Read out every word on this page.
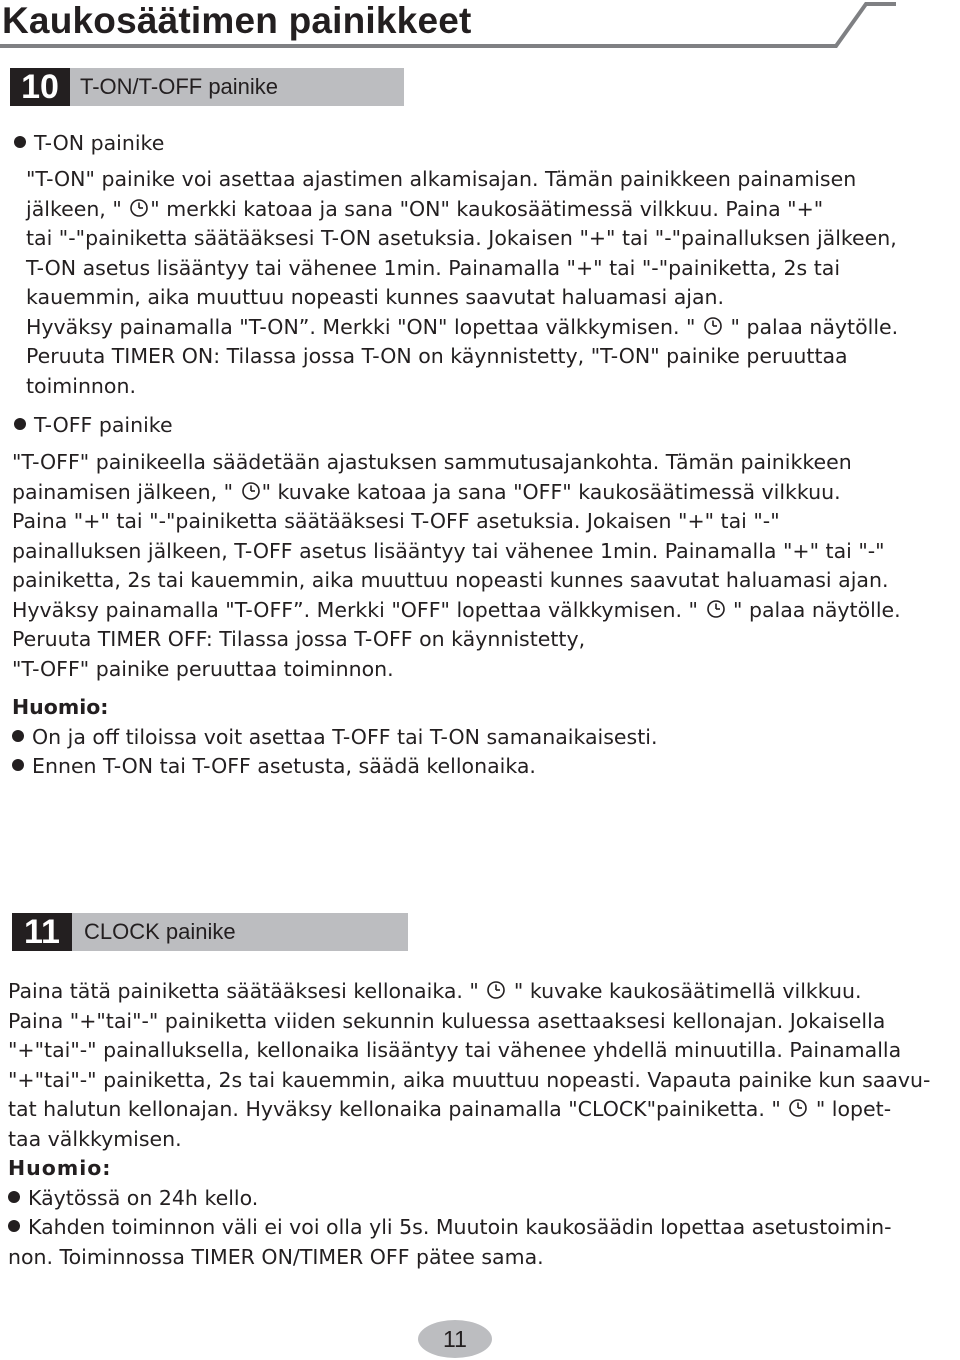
Kaukosäätimen painikkeet
10 T-ON/T-OFF painike
T-ON painike

"T-ON" painike voi asettaa ajastimen alkamisajan. Tämän painikkeen painamisen

jälkeen, " " merkki katoaa ja sana "ON" kaukosäätimessä vilkkuu. Paina "+"

tai "-"painiketta säätääksesi T-ON asetuksia. Jokaisen "+" tai "-"painalluksen jälkeen,

T-ON asetus lisääntyy tai vähenee 1min. Painamalla "+" tai "-"painiketta, 2s tai

kauemmin, aika muuttuu nopeasti kunnes saavutat haluamasi ajan.

Hyväksy painamalla "T-ON”. Merkki "ON" lopettaa välkkymisen. "  " palaa näytölle.

Peruuta TIMER ON: Tilassa jossa T-ON on käynnistetty, "T-ON" painike peruuttaa

toiminnon.

T-OFF painike

"T-OFF" painikeella säädetään ajastuksen sammutusajankohta. Tämän painikkeen

painamisen jälkeen, " " kuvake katoaa ja sana "OFF" kaukosäätimessä vilkkuu.

Paina "+" tai "-"painiketta säätääksesi T-OFF asetuksia. Jokaisen "+" tai "-"

painalluksen jälkeen, T-OFF asetus lisääntyy tai vähenee 1min. Painamalla "+" tai "-"

painiketta, 2s tai kauemmin, aika muuttuu nopeasti kunnes saavutat haluamasi ajan.

Hyväksy painamalla "T-OFF”. Merkki "OFF" lopettaa välkkymisen. "  " palaa näytölle.

Peruuta TIMER OFF: Tilassa jossa T-OFF on käynnistetty,

"T-OFF" painike peruuttaa toiminnon.

Huomio:

On ja off tiloissa voit asettaa T-OFF tai T-ON samanaikaisesti.

Ennen T-ON tai T-OFF asetusta, säädä kellonaika.

11	CLOCK painike

Paina tätä painiketta säätääksesi kellonaika. "  " kuvake kaukosäätimellä vilkkuu.

Paina "+"tai"-" painiketta viiden sekunnin kuluessa asettaaksesi kellonajan. Jokaisella

"+"tai"-" painalluksella, kellonaika lisääntyy tai vähenee yhdellä minuutilla. Painamalla

"+"tai"-" painiketta, 2s tai kauemmin, aika muuttuu nopeasti. Vapauta painike kun saavu-

tat halutun kellonajan. Hyväksy kellonaika painamalla "CLOCK"painiketta. "  " lopet-

taa välkkymisen.

Huomio:

Käytössä on 24h kello.

Kahden toiminnon väli ei voi olla yli 5s. Muutoin kaukosäädin lopettaa asetustoimin-

non. Toiminnossa TIMER ON/TIMER OFF pätee sama.

11
